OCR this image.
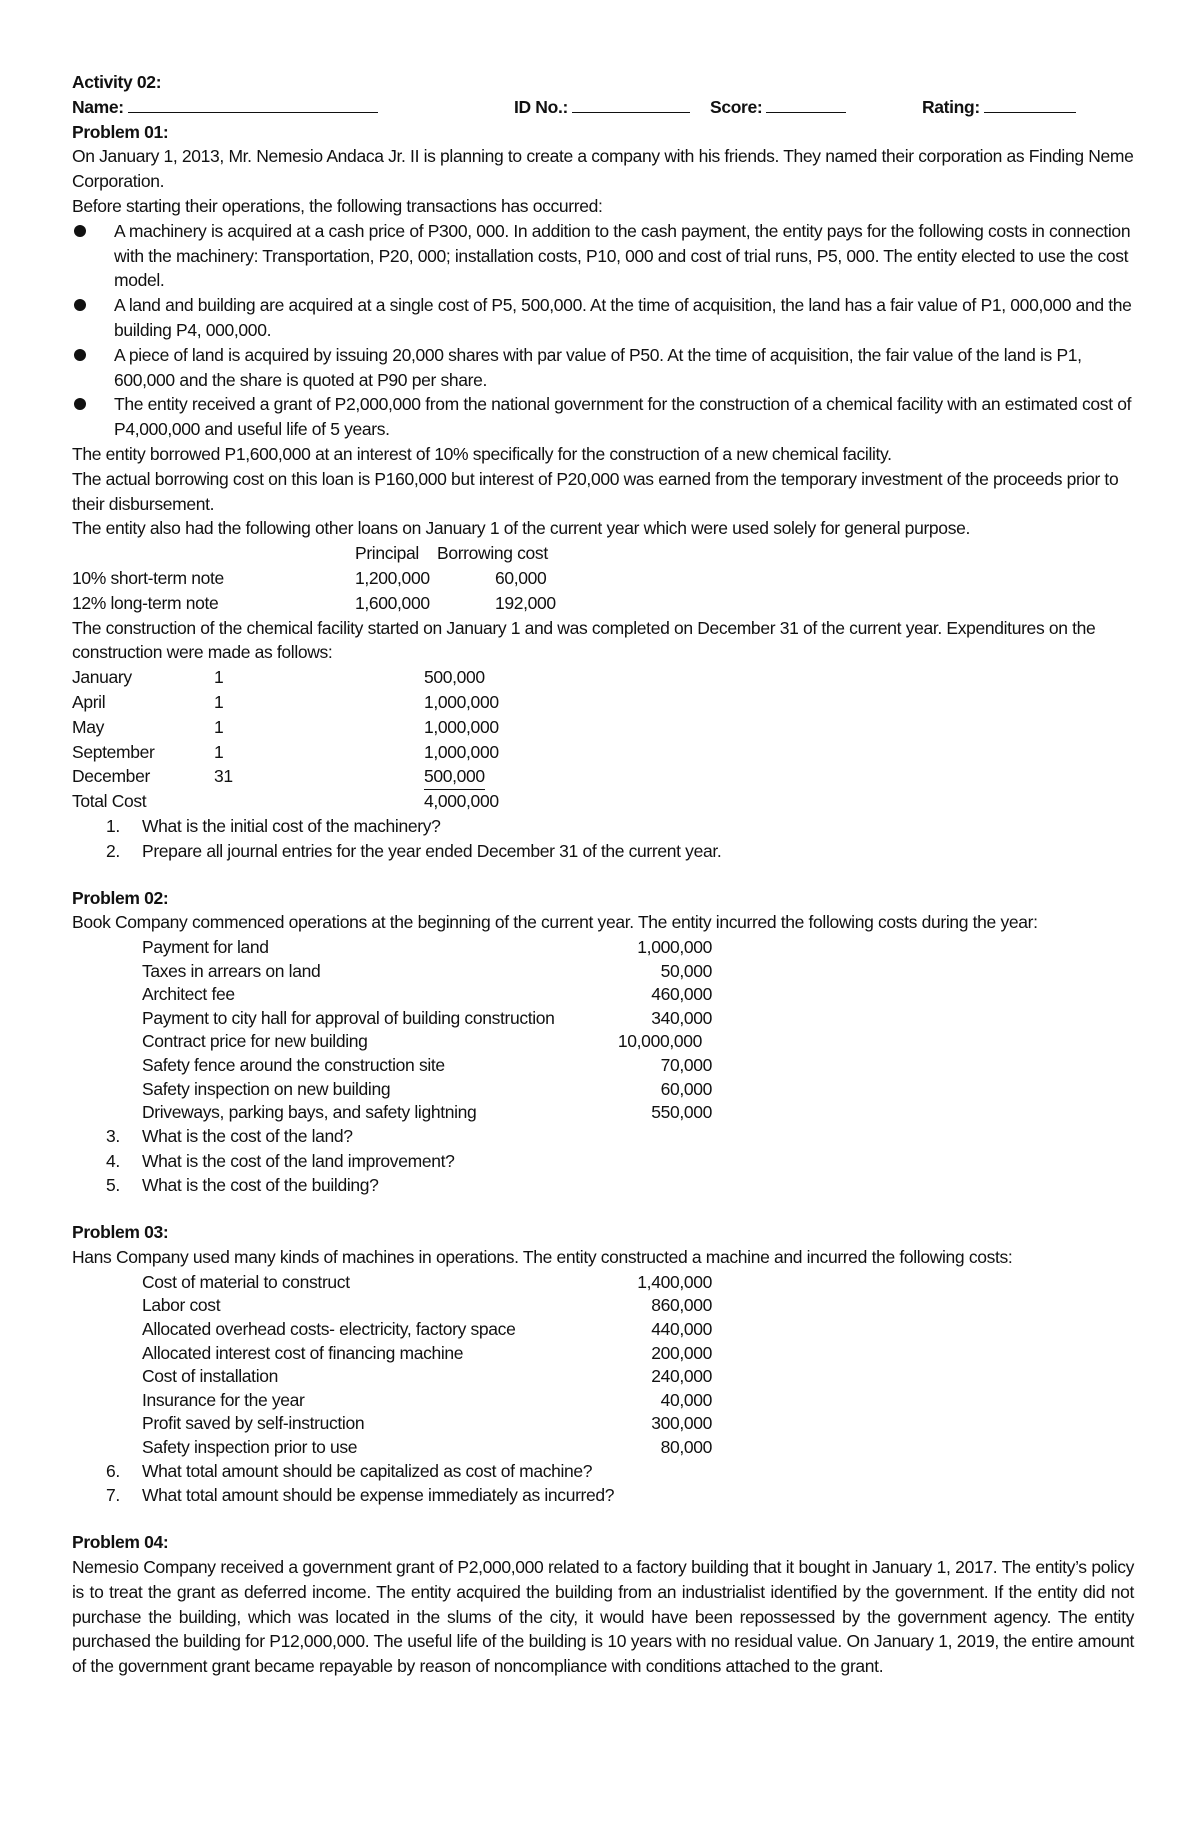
Activity 02:

Name:	ID No.:	Score:	Rating:

Problem 01:

On January 1, 2013, Mr. Nemesio Andaca Jr. II is planning to create a company with his friends. They named their corporation as Finding Neme Corporation.

Before starting their operations, the following transactions has occurred:

A machinery is acquired at a cash price of P300, 000. In addition to the cash payment, the entity pays for the following costs in connection with the machinery: Transportation, P20, 000; installation costs, P10, 000 and cost of trial runs, P5, 000. The entity elected to use the cost model.
A land and building are acquired at a single cost of P5, 500,000. At the time of acquisition, the land has a fair value of P1, 000,000 and the building P4, 000,000.
A piece of land is acquired by issuing 20,000 shares with par value of P50. At the time of acquisition, the fair value of the land is P1, 600,000 and the share is quoted at P90 per share.
The entity received a grant of P2,000,000 from the national government for the construction of a chemical facility with an estimated cost of P4,000,000 and useful life of 5 years.

The entity borrowed P1,600,000 at an interest of 10% specifically for the construction of a new chemical facility.

The actual borrowing cost on this loan is P160,000 but interest of P20,000 was earned from the temporary investment of the proceeds prior to their disbursement.

The entity also had the following other loans on January 1 of the current year which were used solely for general purpose.

Principal Borrowing cost
10% short-term note	1,200,000	60,000
12% long-term note	1,600,000	192,000

The construction of the chemical facility started on January 1 and was completed on December 31 of the current year. Expenditures on the construction were made as follows:

January	1	500,000
April	1	1,000,000
May	1	1,000,000
September	1	1,000,000
December	31	500,000
Total Cost	4,000,000
1. What is the initial cost of the machinery?
2. Prepare all journal entries for the year ended December 31 of the current year.

Problem 02:

Book Company commenced operations at the beginning of the current year. The entity incurred the following costs during the year:

Payment for land	1,000,000
Taxes in arrears on land	50,000
Architect fee	460,000
Payment to city hall for approval of building construction	340,000
Contract price for new building	10,000,000
Safety fence around the construction site	70,000
Safety inspection on new building	60,000
Driveways, parking bays, and safety lightning	550,000
3. What is the cost of the land?
4. What is the cost of the land improvement?
5. What is the cost of the building?

Problem 03:

Hans Company used many kinds of machines in operations. The entity constructed a machine and incurred the following costs:

Cost of material to construct	1,400,000
Labor cost	860,000
Allocated overhead costs- electricity, factory space	440,000
Allocated interest cost of financing machine	200,000
Cost of installation	240,000
Insurance for the year	40,000
Profit saved by self-instruction	300,000
Safety inspection prior to use	80,000
6. What total amount should be capitalized as cost of machine?
7. What total amount should be expense immediately as incurred?

Problem 04:

Nemesio Company received a government grant of P2,000,000 related to a factory building that it bought in January 1, 2017. The entity’s policy is to treat the grant as deferred income. The entity acquired the building from an industrialist identified by the government. If the entity did not purchase the building, which was located in the slums of the city, it would have been repossessed by the government agency. The entity purchased the building for P12,000,000. The useful life of the building is 10 years with no residual value. On January 1, 2019, the entire amount of the government grant became repayable by reason of noncompliance with conditions attached to the grant.
